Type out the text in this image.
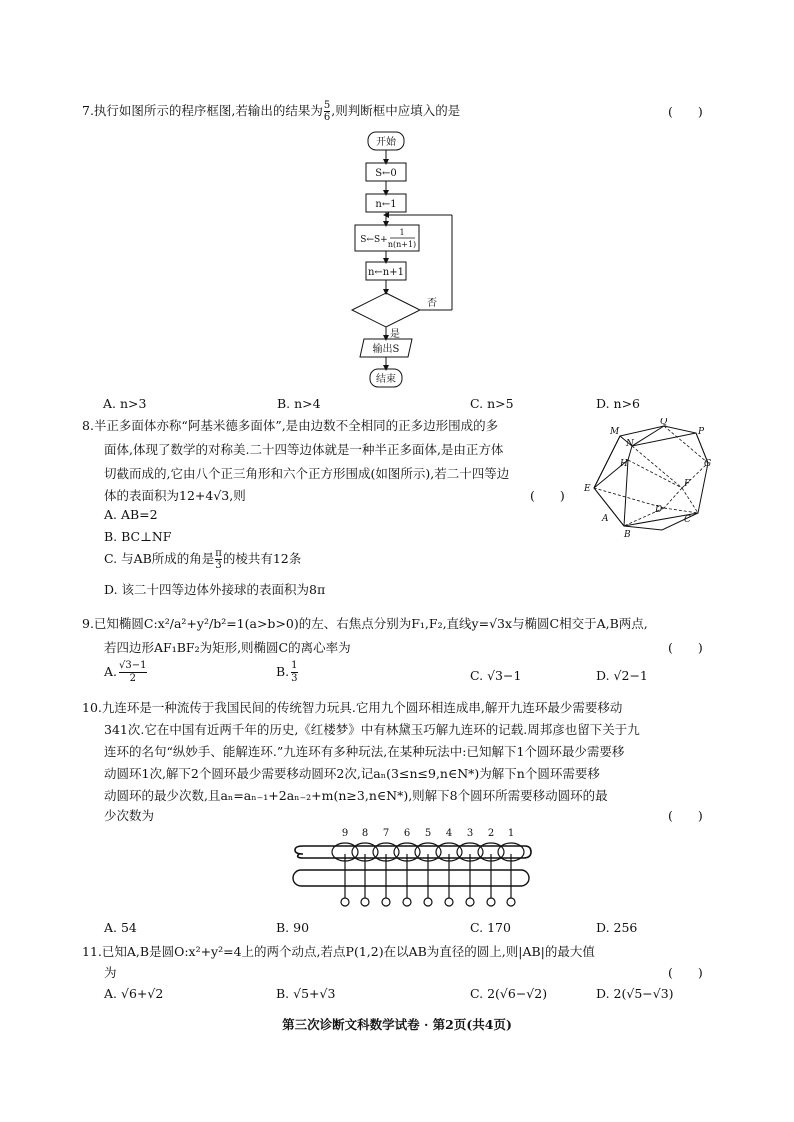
7.执行如图所示的程序框图,若输出的结果为 $\frac{5}{6}$ ,则判断框中应填入的是	(　　)
开始
S←0
n←1
S←S+
1
n(n+1)
n←n+1
否
是
输出S
结束
A. n>3	B. n>4	C. n>5	D. n>6
8.半正多面体亦称“阿基米德多面体”,是由边数不全相同的正多边形围成的多
面体,体现了数学的对称美.二十四等边体就是一种半正多面体,是由正方体
切截而成的,它由八个正三角形和六个正方形围成(如图所示),若二十四等边
体的表面积为12+4√3,则	(　　)
A. AB=2
B. BC⊥NF
C. 与AB所成的角是 $\frac{\pi}{3}$ 的棱共有12条
D. 该二十四等边体外接球的表面积为8π
M
N
Q
P
H	G
E	F
D
A
B
C
9.已知椭圆C:x²/a²+y²/b²=1(a>b>0)的左、右焦点分别为F₁,F₂,直线y=√3x与椭圆C相交于A,B两点,
若四边形AF₁BF₂为矩形,则椭圆C的离心率为	(　　)
A. $\frac{√3-1}{2}$	B. $\frac{1}{3}$	C. √3−1	D. √2−1
10.九连环是一种流传于我国民间的传统智力玩具.它用九个圆环相连成串,解开九连环最少需要移动
341次.它在中国有近两千年的历史,《红楼梦》中有林黛玉巧解九连环的记载.周邦彦也留下关于九
连环的名句“纵妙手、能解连环.”九连环有多种玩法,在某种玩法中:已知解下1个圆环最少需要移
动圆环1次,解下2个圆环最少需要移动圆环2次,记aₙ(3≤n≤9,n∈N*)为解下n个圆环需要移
动圆环的最少次数,且aₙ=aₙ₋₁+2aₙ₋₂+m(n≥3,n∈N*),则解下8个圆环所需要移动圆环的最
少次数为	(　　)
9 8 7 6 5 4 3 2 1
A. 54	B. 90	C. 170	D. 256
11.已知A,B是圆O:x²+y²=4上的两个动点,若点P(1,2)在以AB为直径的圆上,则|AB|的最大值
为	(　　)
A. √6+√2	B. √5+√3	C. 2(√6−√2)	D. 2(√5−√3)
第三次诊断文科数学试卷 · 第2页(共4页)
